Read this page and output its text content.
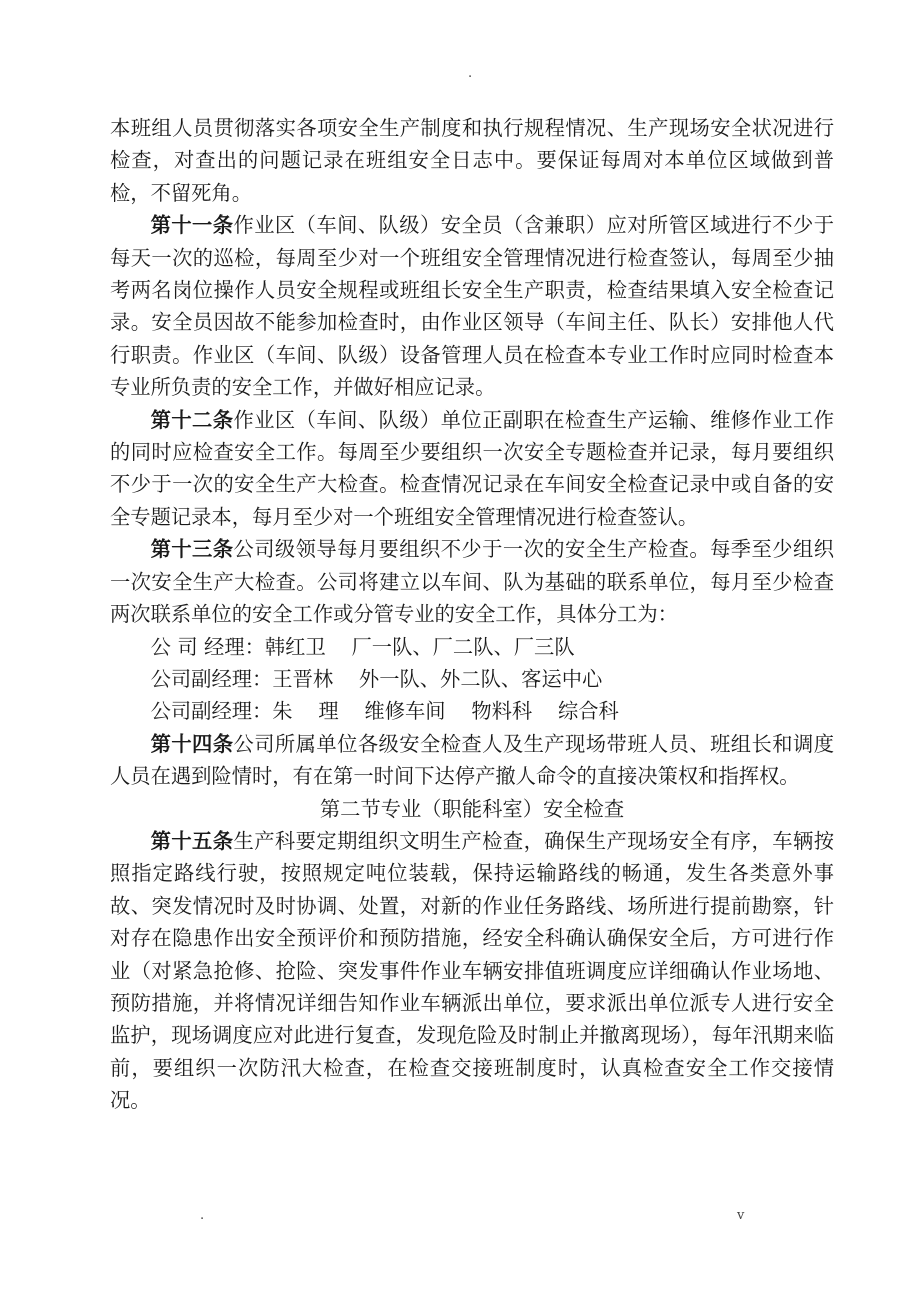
.

本班组人员贯彻落实各项安全生产制度和执行规程情况、生产现场安全状况进行检查，对查出的问题记录在班组安全日志中。要保证每周对本单位区域做到普检，不留死角。

第十一条作业区（车间、队级）安全员（含兼职）应对所管区域进行不少于每天一次的巡检，每周至少对一个班组安全管理情况进行检查签认，每周至少抽考两名岗位操作人员安全规程或班组长安全生产职责，检查结果填入安全检查记录。安全员因故不能参加检查时，由作业区领导（车间主任、队长）安排他人代行职责。作业区（车间、队级）设备管理人员在检查本专业工作时应同时检查本专业所负责的安全工作，并做好相应记录。

第十二条作业区（车间、队级）单位正副职在检查生产运输、维修作业工作的同时应检查安全工作。每周至少要组织一次安全专题检查并记录，每月要组织不少于一次的安全生产大检查。检查情况记录在车间安全检查记录中或自备的安全专题记录本，每月至少对一个班组安全管理情况进行检查签认。

第十三条公司级领导每月要组织不少于一次的安全生产检查。每季至少组织一次安全生产大检查。公司将建立以车间、队为基础的联系单位，每月至少检查两次联系单位的安全工作或分管专业的安全工作，具体分工为：

公 司 经理：韩红卫    厂一队、厂二队、厂三队

公司副经理：王晋林    外一队、外二队、客运中心

公司副经理：朱    理    维修车间    物料科    综合科

第十四条公司所属单位各级安全检查人及生产现场带班人员、班组长和调度人员在遇到险情时，有在第一时间下达停产撤人命令的直接决策权和指挥权。

第二节专业（职能科室）安全检查

第十五条生产科要定期组织文明生产检查，确保生产现场安全有序，车辆按照指定路线行驶，按照规定吨位装载，保持运输路线的畅通，发生各类意外事故、突发情况时及时协调、处置，对新的作业任务路线、场所进行提前勘察，针对存在隐患作出安全预评价和预防措施，经安全科确认确保安全后，方可进行作业（对紧急抢修、抢险、突发事件作业车辆安排值班调度应详细确认作业场地、预防措施，并将情况详细告知作业车辆派出单位，要求派出单位派专人进行安全监护，现场调度应对此进行复查，发现危险及时制止并撤离现场），每年汛期来临前，要组织一次防汛大检查，在检查交接班制度时，认真检查安全工作交接情况。

.	v
